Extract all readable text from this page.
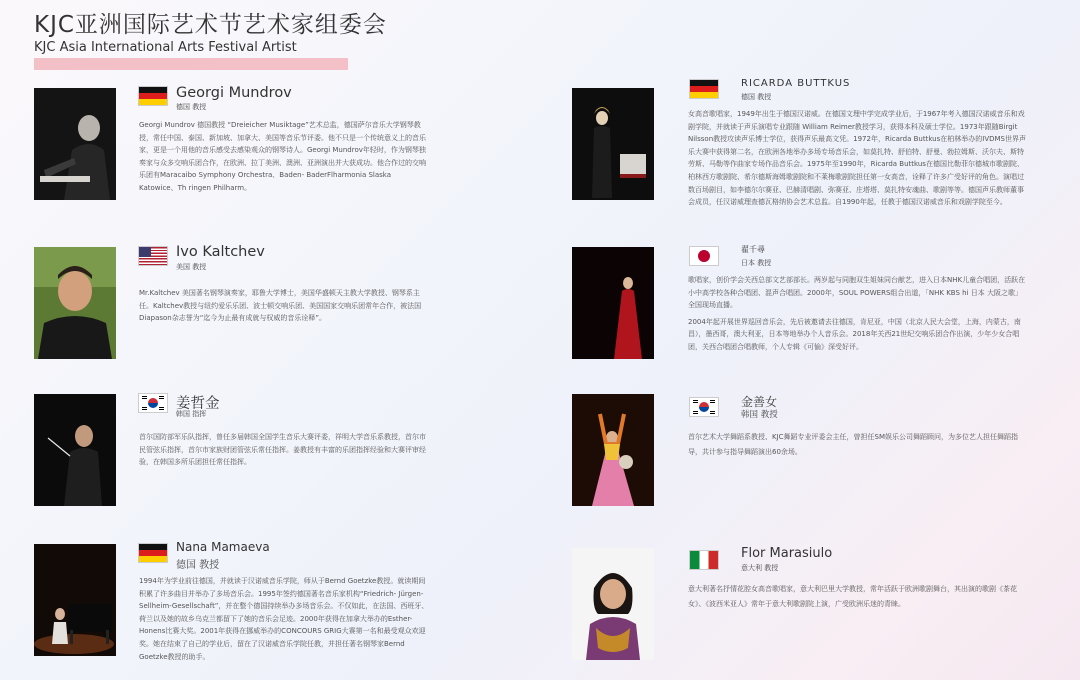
KJC亚洲国际艺术节艺术家组委会
KJC Asia International Arts Festival Artist
Georgi Mundrov
德国 教授
Georgi Mundrov 德国教授 “Dreieicher Musiktage”艺术总监，德国萨尔音乐大学钢琴教授，常任中国、泰国、新加坡、加拿大、美国等音乐节评委。他不只是一个传统意义上的音乐家，更是一个用他的音乐感受去感染观众的钢琴诗人。Georgi Mundrov年轻时，作为钢琴独奏家与众多交响乐团合作，在欧洲、拉丁美洲、澳洲、亚洲演出并大获成功。他合作过的交响乐团有Maracaibo Symphony Orchestra、Baden- BaderFlharmonia Slaska Katowice、Th ringen Philharm。
Ivo Kaltchev
美国 教授
Mr.Kaltchev 美国著名钢琴演奏家，耶鲁大学博士，美国华盛顿天主教大学教授、钢琴系主任。Kaltchev教授与纽约爱乐乐团、波士顿交响乐团、美国国家交响乐团常年合作，被法国Diapason杂志誉为“迄今为止最有成就与权威的音乐诠释”。
姜哲金
韩国 指挥
首尔国防部军乐队指挥，曾任多届韩国全国学生音乐大赛评委，祥明大学音乐系教授，首尔市民管弦乐指挥，首尔市家族财团管弦乐常任指挥。姜教授有丰富的乐团指挥经验和大赛评审经验，在韩国多所乐团担任常任指挥。
Nana Mamaeva
德国 教授
1994年为学业前往德国，并就读于汉诺威音乐学院，师从于Bernd Goetzke教授。就读期间积累了许多曲目并举办了多场音乐会。1995年签约德国著名音乐家机构“Friedrich- Jürgen-Sellheim-Gesellschaft”，并在整个德国持续举办多场音乐会。不仅如此，在法国、西班牙、荷兰以及她的故乡乌克兰都留下了她的音乐会足迹。2000年获得在加拿大举办的Esther-Honens比赛大奖。2001年获得在挪威举办的CONCOURS GRIG大赛第一名和最受观众欢迎奖。她在结束了自己的学业后，留在了汉诺威音乐学院任教，并担任著名钢琴家Bernd Goetzke教授的助手。
RICARDA BUTTKUS
德国 教授
女高音歌唱家，1949年出生于德国汉诺威。在德国文理中学完成学业后，于1967年考入德国汉诺威音乐和戏剧学院，并就读于声乐演唱专业跟随 William Reimer教授学习，获得本科及硕士学位。1973年跟随Birgit Nilsson教授攻读声乐博士学位，获得声乐最高文凭。1972年，Ricarda Buttkus在柏林举办的IVDMS世界声乐大赛中获得第二名，在欧洲各地举办多场专场音乐会，如莫扎特、舒伯特、舒曼、勃拉姆斯、沃尔夫、斯特劳斯、马勒等作曲家专场作品音乐会。1975年至1990年，Ricarda Buttkus在德国比勒菲尔德城市歌剧院、柏林西方歌剧院、希尔德斯海姆歌剧院和不莱梅歌剧院担任第一女高音，诠释了许多广受好评的角色。演唱过数百场剧目，如李德尔尔赛亚、巴赫清唱剧、弥赛亚、庄塔塔、莫扎特安魂曲、歌剧等等。德国声乐教师董事会成员，任汉诺威理查德瓦格纳协会艺术总监。自1990年起，任教于德国汉诺威音乐和戏剧学院至今。
翟千尋
日本 教授

歌唱家，创价学会关西总部文艺部部长。两岁起与同胞双生姐妹同台献艺，进入日本NHK儿童合唱团，活跃在小中高学校各种合唱团、混声合唱团。2000年，SOUL POWERS组合出道，「NHK KBS hi 日本 大阪之歌」全国现场直播。

2004年起开展世界巡回音乐会，先后被邀请去往德国，肯尼亚，中国（北京人民大会堂，上海，内蒙古，南昌），墨西哥，澳大利亚，日本等地举办个人音乐会。2018年关西21世纪交响乐团合作出演，少年少女合唱团，关西合唱团合唱教师，个人专辑《可愉》深受好评。

金善女
韩国 教授
首尔艺术大学舞蹈系教授、KJC舞蹈专业评委会主任，曾担任SM娱乐公司舞蹈顾问，为多位艺人担任舞蹈指导，共计参与指导舞蹈演出60余场。
Flor Marasiulo
意大利 教授

意大利著名抒情花腔女高音歌唱家，意大利巴里大学教授，常年活跃于欧洲歌剧舞台，其出演的歌剧《茶花女》、《波西米亚人》常年于意大利歌剧院上演，广受欧洲乐迷的青睐。
